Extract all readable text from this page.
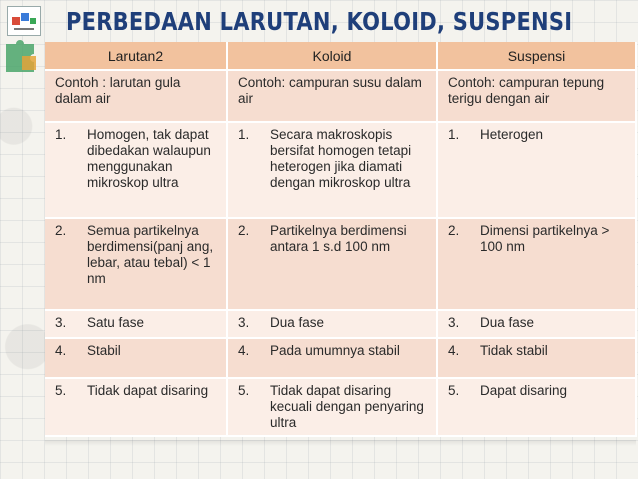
PERBEDAAN LARUTAN, KOLOID, SUSPENSI
Larutan2	Koloid	Suspensi

Contoh : larutan gula dalam air	Contoh: campuran susu dalam air	Contoh: campuran tepung terigu dengan air

1. Homogen, tak dapat dibedakan walaupun menggunakan mikroskop ultra	1. Secara makroskopis bersifat homogen tetapi heterogen jika diamati dengan mikroskop ultra	1. Heterogen

2. Semua partikelnya berdimensi(panj ang, lebar, atau tebal) < 1 nm	2. Partikelnya berdimensi antara 1 s.d 100 nm	2. Dimensi partikelnya > 100 nm

3. Satu fase	3. Dua fase	3. Dua fase

4. Stabil	4. Pada umumnya stabil	4. Tidak stabil

5. Tidak dapat disaring	5. Tidak dapat disaring kecuali dengan penyaring ultra	5. Dapat disaring
